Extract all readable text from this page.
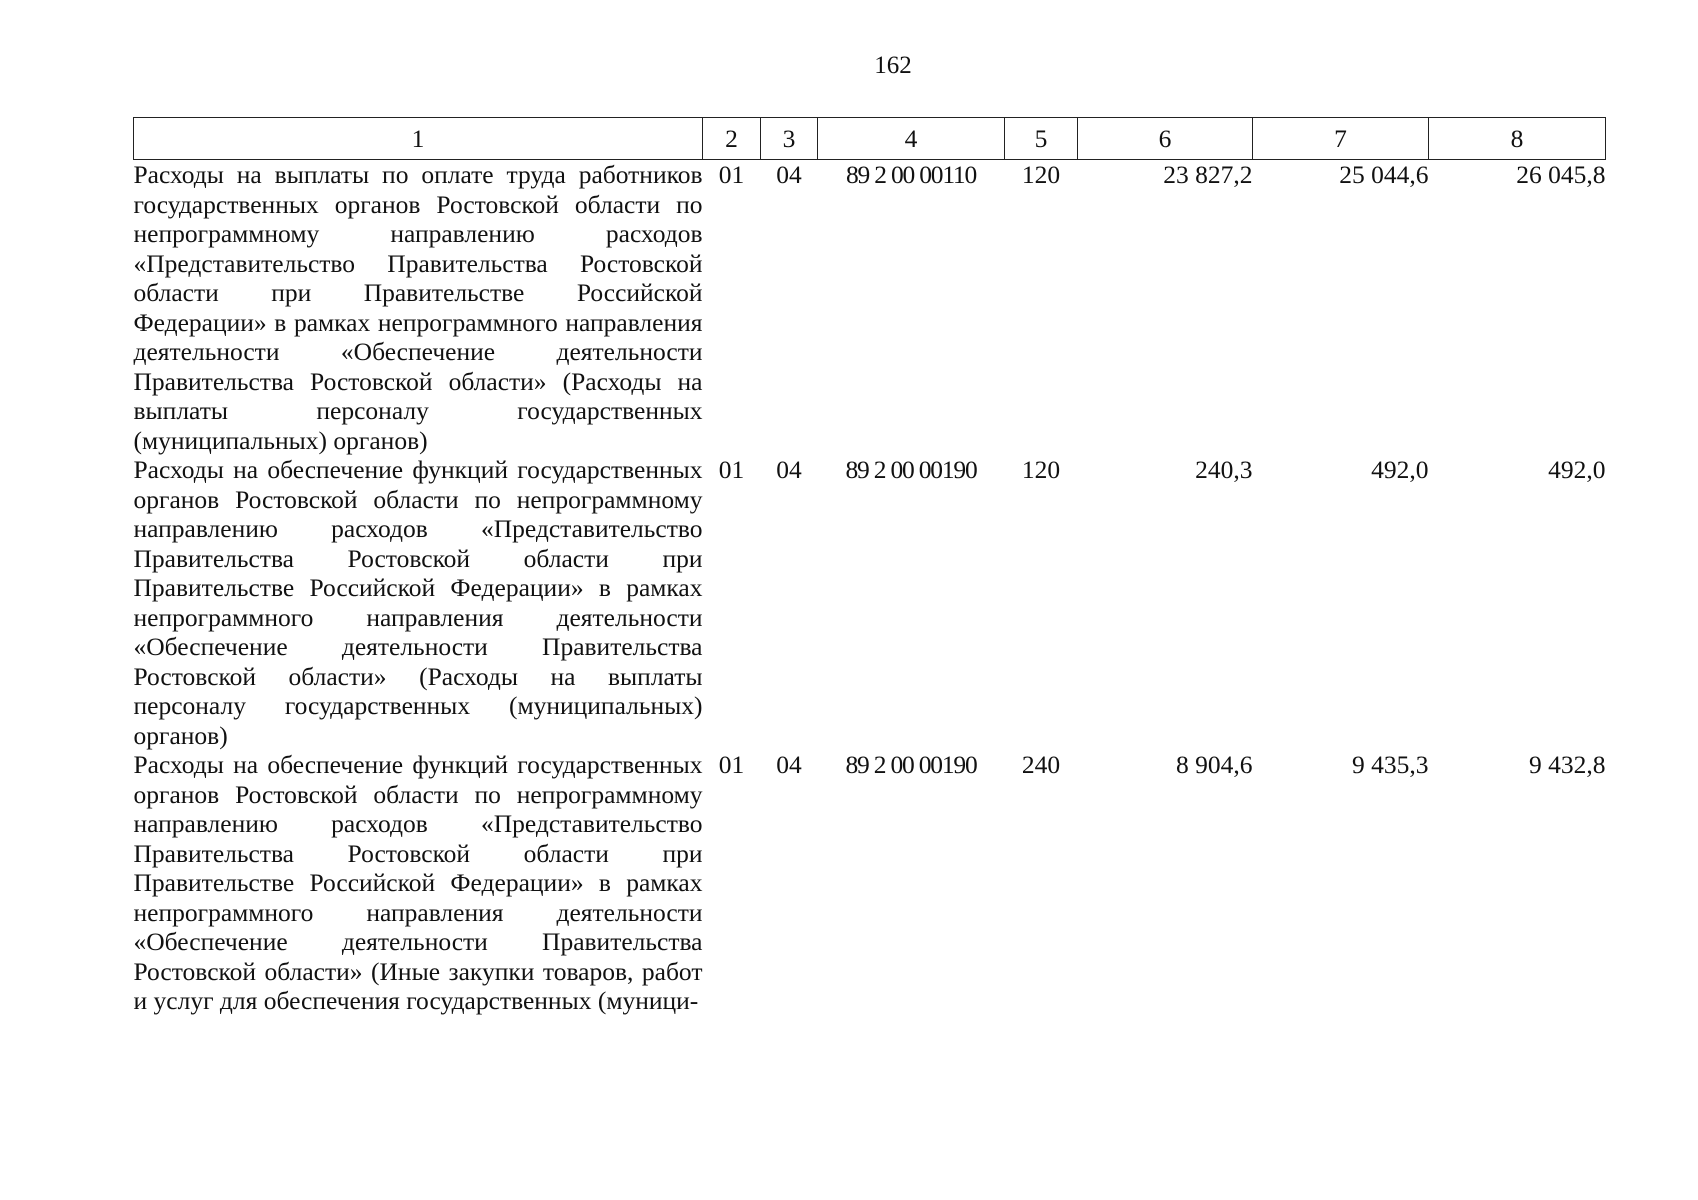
162
1	2	3	4	5	6	7	8
Расходы на выплаты по оплате труда работников государственных органов Ростовской области по непрограммному направлению расходов «Представительство Правительства Ростовской области при Правительстве Российской Федерации» в рамках непрограммного направления деятельности «Обеспечение деятельности Правительства Ростовской области» (Расходы на выплаты персоналу государственных (муниципальных) органов)	01	04	89 2 00 00110	120	23 827,2	25 044,6	26 045,8
Расходы на обеспечение функций государственных органов Ростовской области по непрограммному направлению расходов «Представительство Правительства Ростовской области при Правительстве Российской Федерации» в рамках непрограммного направления деятельности «Обеспечение деятельности Правительства Ростовской области» (Расходы на выплаты персоналу государственных (муниципальных) органов)	01	04	89 2 00 00190	120	240,3	492,0	492,0
Расходы на обеспечение функций государственных органов Ростовской области по непрограммному направлению расходов «Представительство Правительства Ростовской области при Правительстве Российской Федерации» в рамках непрограммного направления деятельности «Обеспечение деятельности Правительства Ростовской области» (Иные закупки товаров, работ и услуг для обеспечения государственных (муници-	01	04	89 2 00 00190	240	8 904,6	9 435,3	9 432,8
